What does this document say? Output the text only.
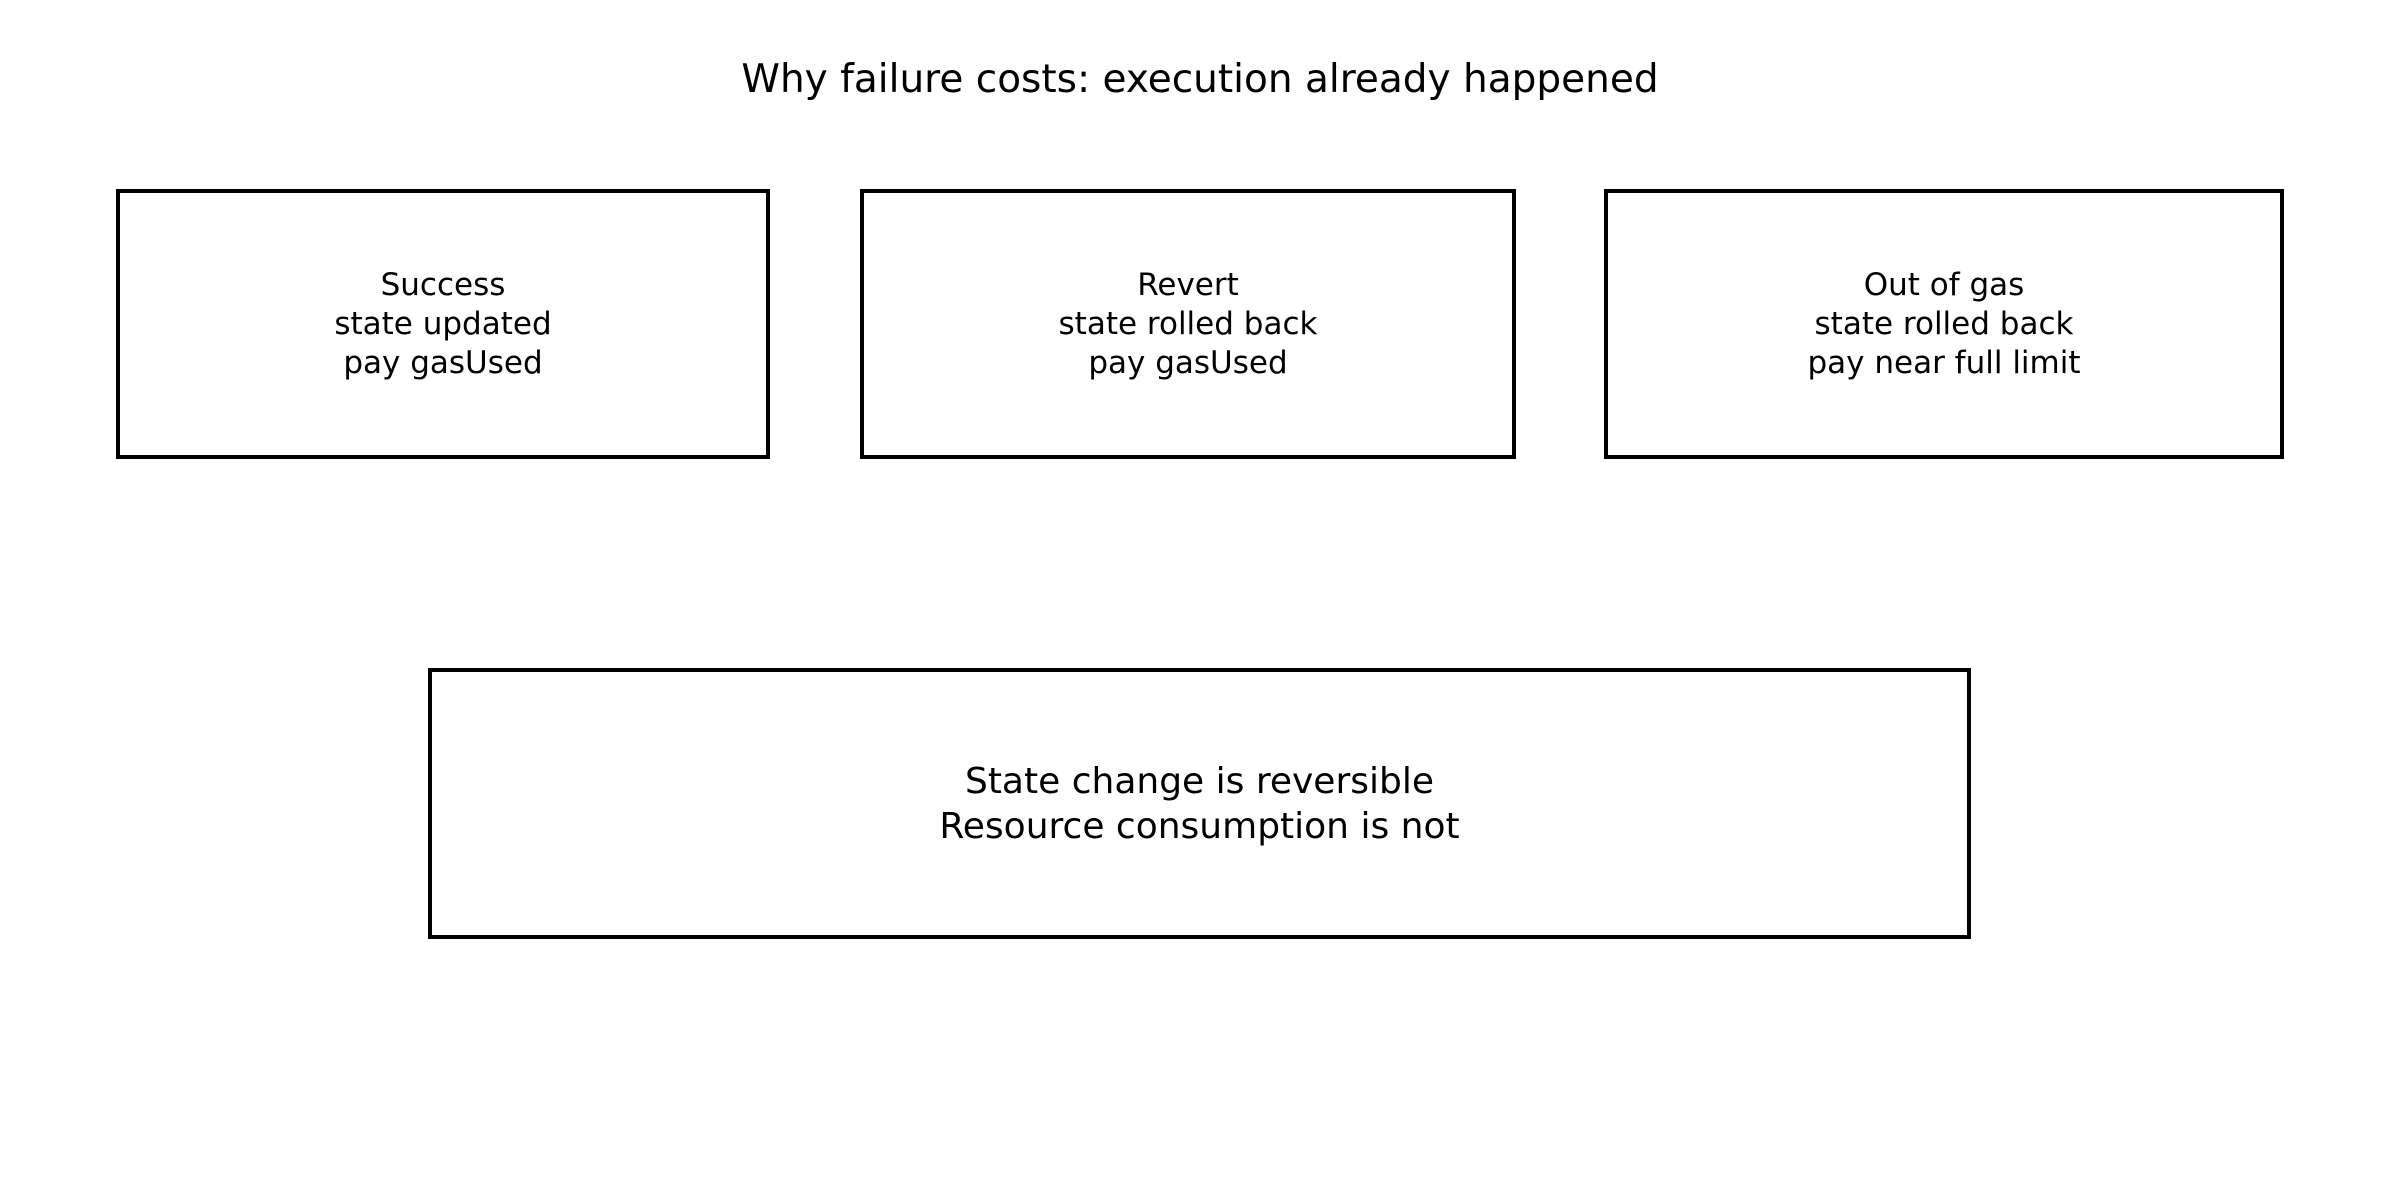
Why failure costs: execution already happened
Success
state updated
pay gasUsed
Revert
state rolled back
pay gasUsed
Out of gas
state rolled back
pay near full limit
State change is reversible
Resource consumption is not
